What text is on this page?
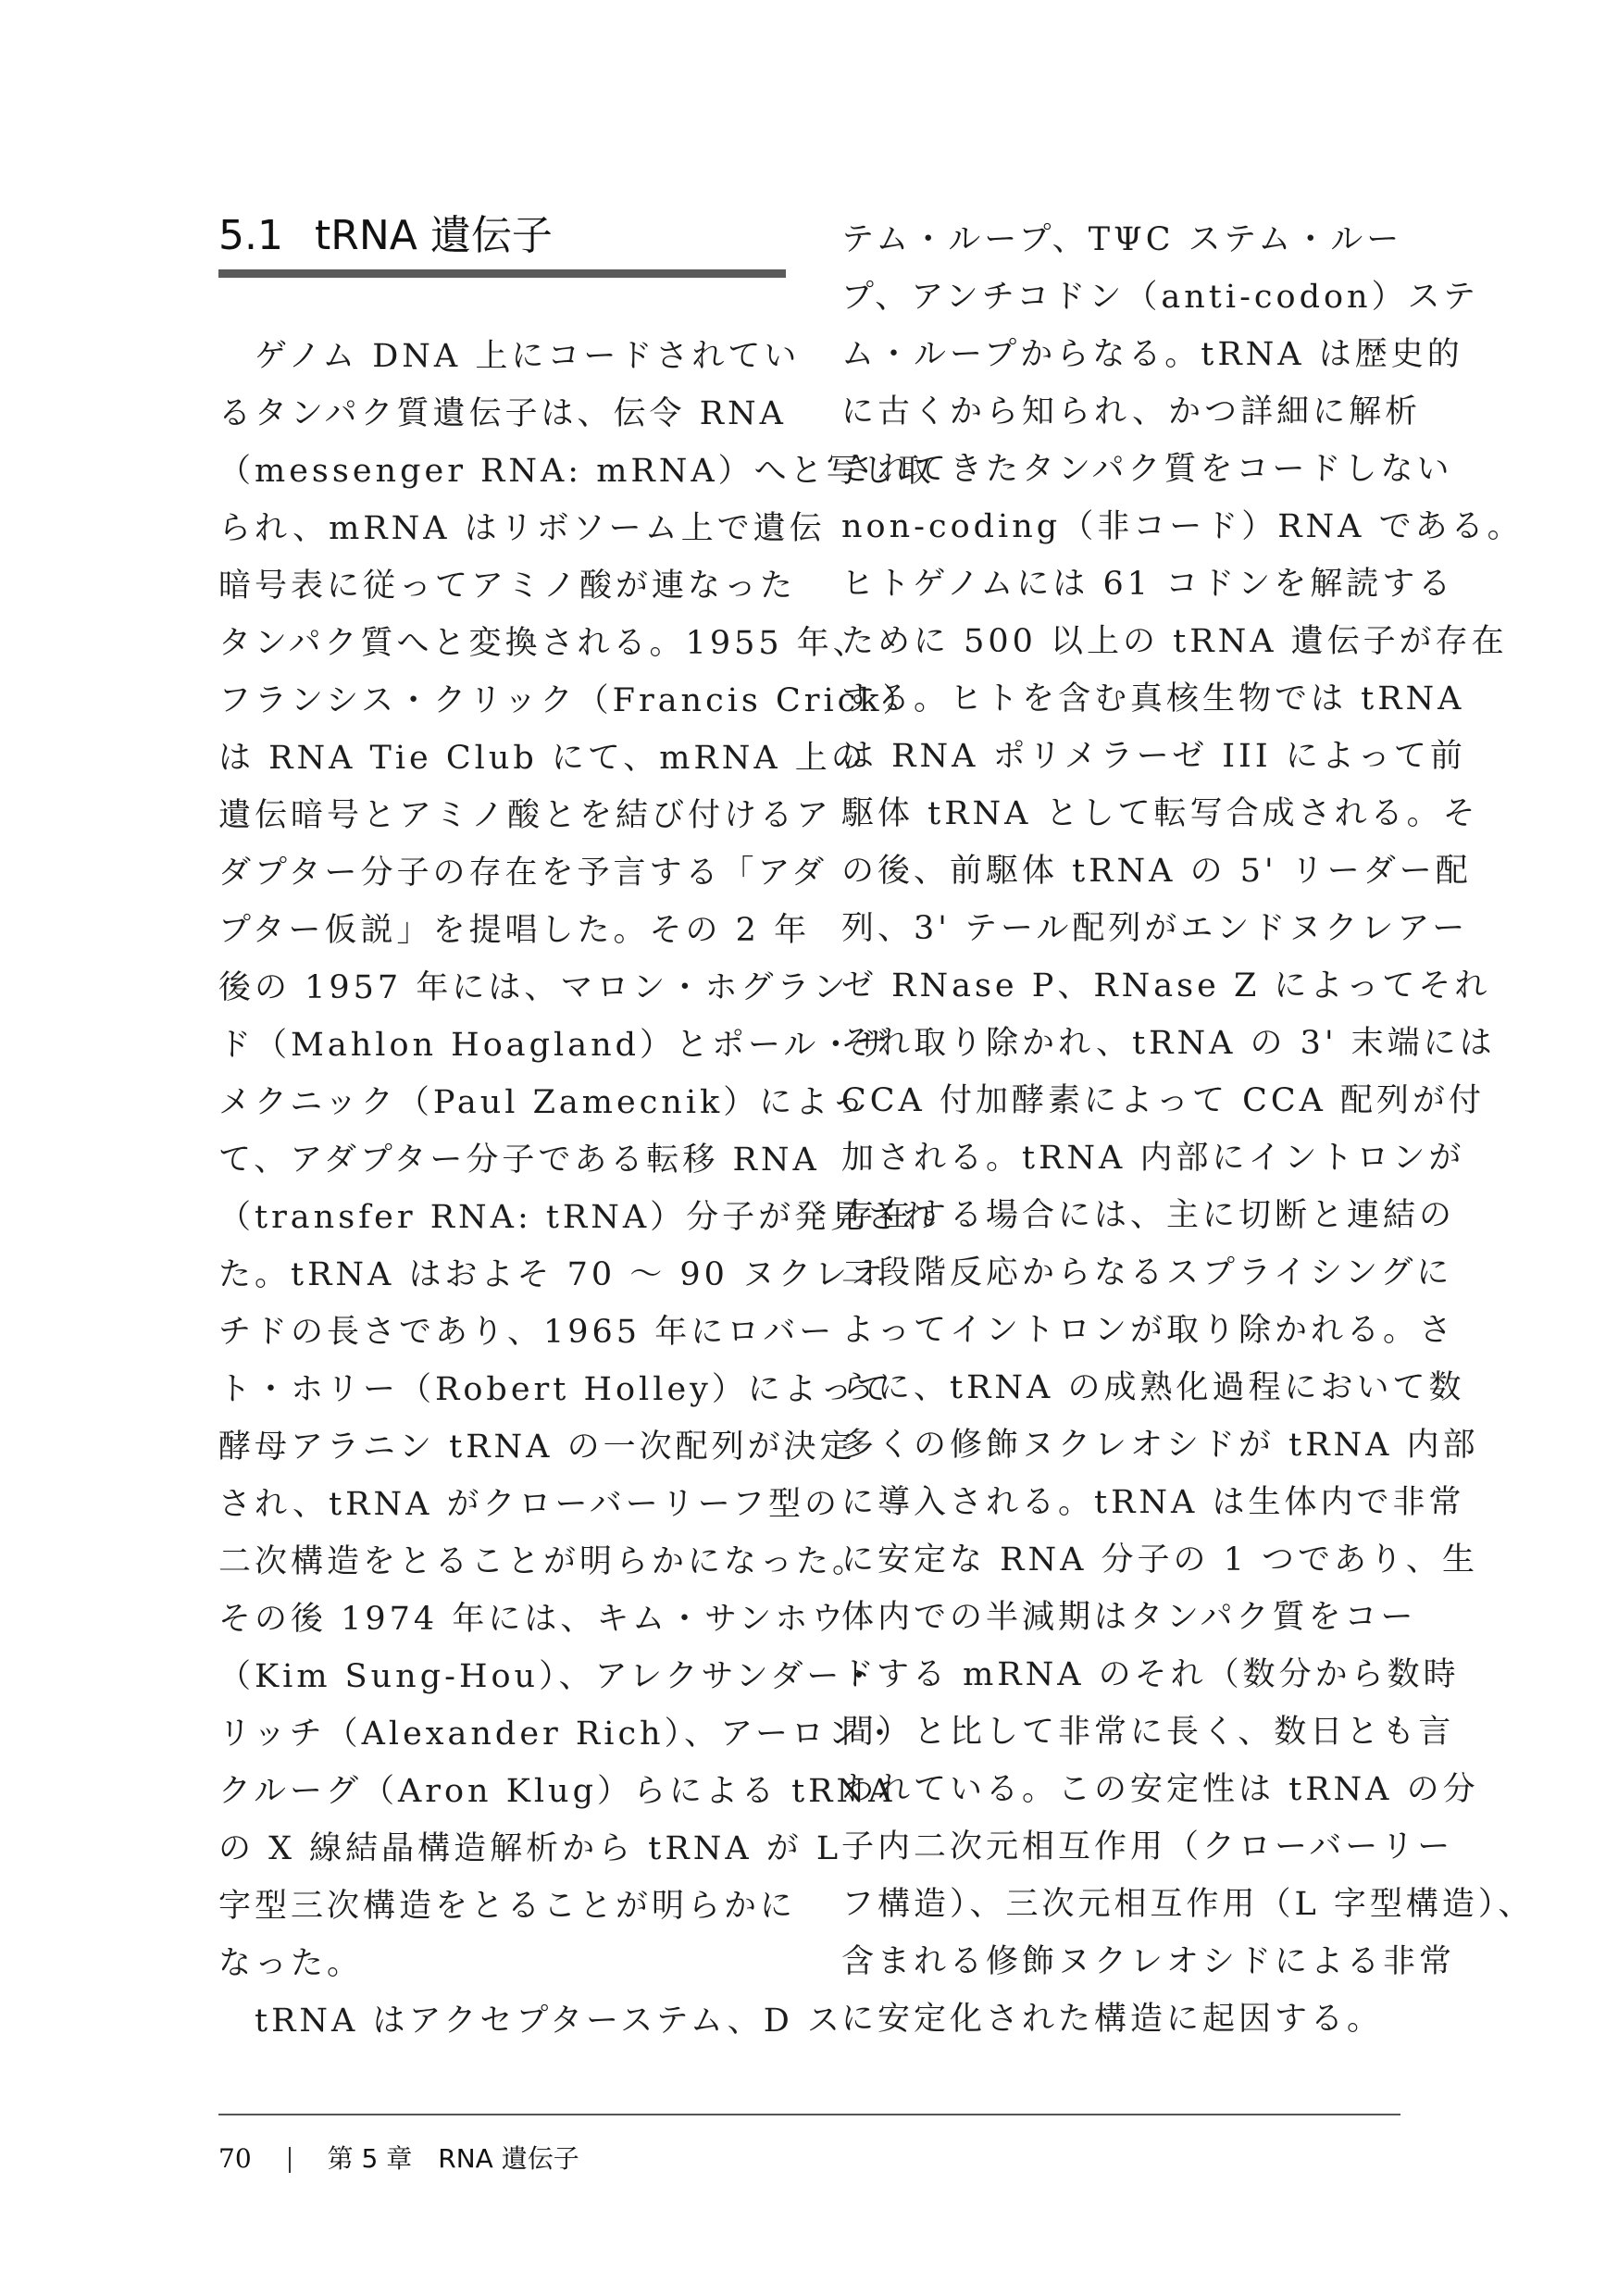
5.1 tRNA 遺伝子
　ゲノム DNA 上にコードされてい
るタンパク質遺伝子は、伝令 RNA
（messenger RNA: mRNA）へと写し取
られ、mRNA はリボソーム上で遺伝
暗号表に従ってアミノ酸が連なった
タンパク質へと変換される。1955 年、
フランシス・クリック（Francis Crick）
は RNA Tie Club にて、mRNA 上の
遺伝暗号とアミノ酸とを結び付けるア
ダプター分子の存在を予言する「アダ
プター仮説」を提唱した。その 2 年
後の 1957 年には、マロン・ホグラン
ド（Mahlon Hoagland）とポール・ザ
メクニック（Paul Zamecnik）によっ
て、アダプター分子である転移 RNA
（transfer RNA: tRNA）分子が発見され
た。tRNA はおよそ 70 〜 90 ヌクレオ
チドの長さであり、1965 年にロバー
ト・ホリー（Robert Holley）によって
酵母アラニン tRNA の一次配列が決定
され、tRNA がクローバーリーフ型の
二次構造をとることが明らかになった。
その後 1974 年には、キム・サンホウ
（Kim Sung-Hou）、アレクサンダー・
リッチ（Alexander Rich）、アーロン・
クルーグ（Aron Klug）らによる tRNA
の X 線結晶構造解析から tRNA が L
字型三次構造をとることが明らかに
なった。
　tRNA はアクセプターステム、D ス
テム・ループ、TΨC ステム・ルー
プ、アンチコドン（anti-codon）ステ
ム・ループからなる。tRNA は歴史的
に古くから知られ、かつ詳細に解析
されてきたタンパク質をコードしない
non-coding（非コード）RNA である。
ヒトゲノムには 61 コドンを解読する
ために 500 以上の tRNA 遺伝子が存在
する。ヒトを含む真核生物では tRNA
は RNA ポリメラーゼ III によって前
駆体 tRNA として転写合成される。そ
の後、前駆体 tRNA の 5' リーダー配
列、3' テール配列がエンドヌクレアー
ゼ RNase P、RNase Z によってそれ
ぞれ取り除かれ、tRNA の 3' 末端には
CCA 付加酵素によって CCA 配列が付
加される。tRNA 内部にイントロンが
存在する場合には、主に切断と連結の
二段階反応からなるスプライシングに
よってイントロンが取り除かれる。さ
らに、tRNA の成熟化過程において数
多くの修飾ヌクレオシドが tRNA 内部
に導入される。tRNA は生体内で非常
に安定な RNA 分子の 1 つであり、生
体内での半減期はタンパク質をコー
ドする mRNA のそれ（数分から数時
間）と比して非常に長く、数日とも言
われている。この安定性は tRNA の分
子内二次元相互作用（クローバーリー
フ構造）、三次元相互作用（L 字型構造）、
含まれる修飾ヌクレオシドによる非常
に安定化された構造に起因する。
70	第 5 章　RNA 遺伝子
